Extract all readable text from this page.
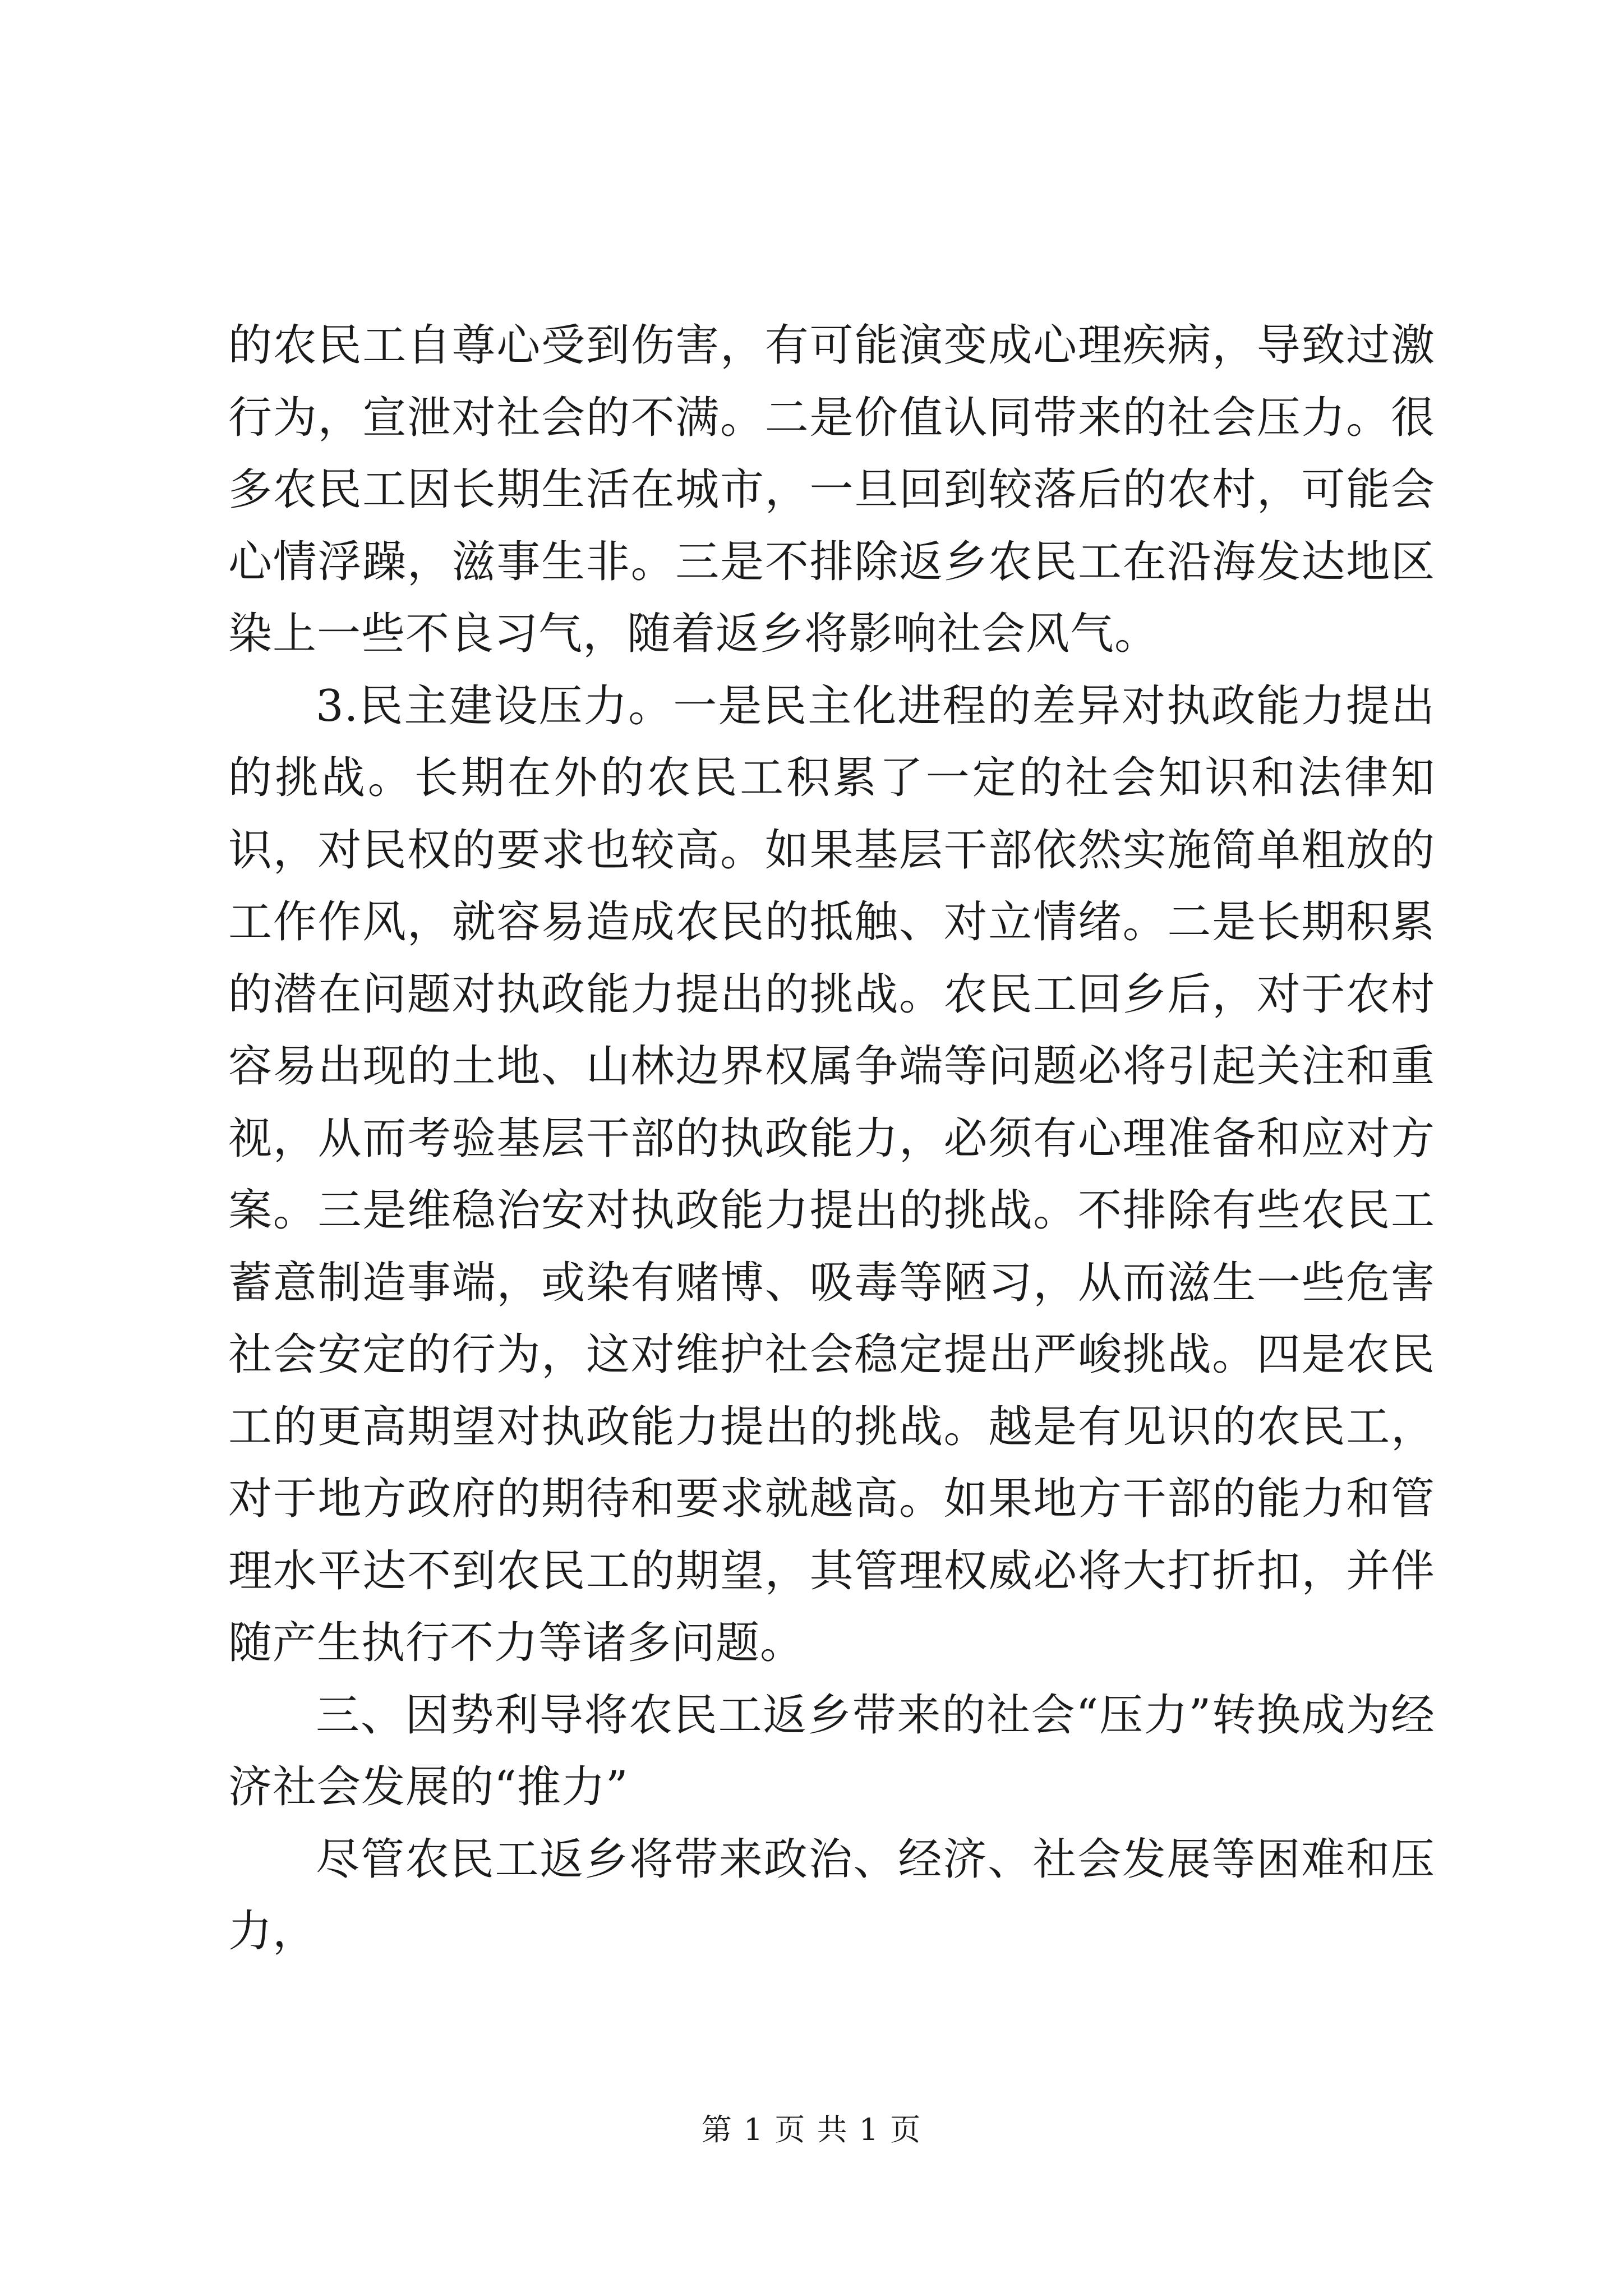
的农民工自尊心受到伤害，有可能演变成心理疾病，导致过激行为，宣泄对社会的不满。二是价值认同带来的社会压力。很多农民工因长期生活在城市，一旦回到较落后的农村，可能会心情浮躁，滋事生非。三是不排除返乡农民工在沿海发达地区染上一些不良习气，随着返乡将影响社会风气。

3.民主建设压力。一是民主化进程的差异对执政能力提出的挑战。长期在外的农民工积累了一定的社会知识和法律知识，对民权的要求也较高。如果基层干部依然实施简单粗放的工作作风，就容易造成农民的抵触、对立情绪。二是长期积累的潜在问题对执政能力提出的挑战。农民工回乡后，对于农村容易出现的土地、山林边界权属争端等问题必将引起关注和重视，从而考验基层干部的执政能力，必须有心理准备和应对方案。三是维稳治安对执政能力提出的挑战。不排除有些农民工蓄意制造事端，或染有赌博、吸毒等陋习，从而滋生一些危害社会安定的行为，这对维护社会稳定提出严峻挑战。四是农民工的更高期望对执政能力提出的挑战。越是有见识的农民工，对于地方政府的期待和要求就越高。如果地方干部的能力和管理水平达不到农民工的期望，其管理权威必将大打折扣，并伴随产生执行不力等诸多问题。

三、因势利导将农民工返乡带来的社会“压力”转换成为经济社会发展的“推力”

尽管农民工返乡将带来政治、经济、社会发展等困难和压力，

第 1 页 共 1 页
